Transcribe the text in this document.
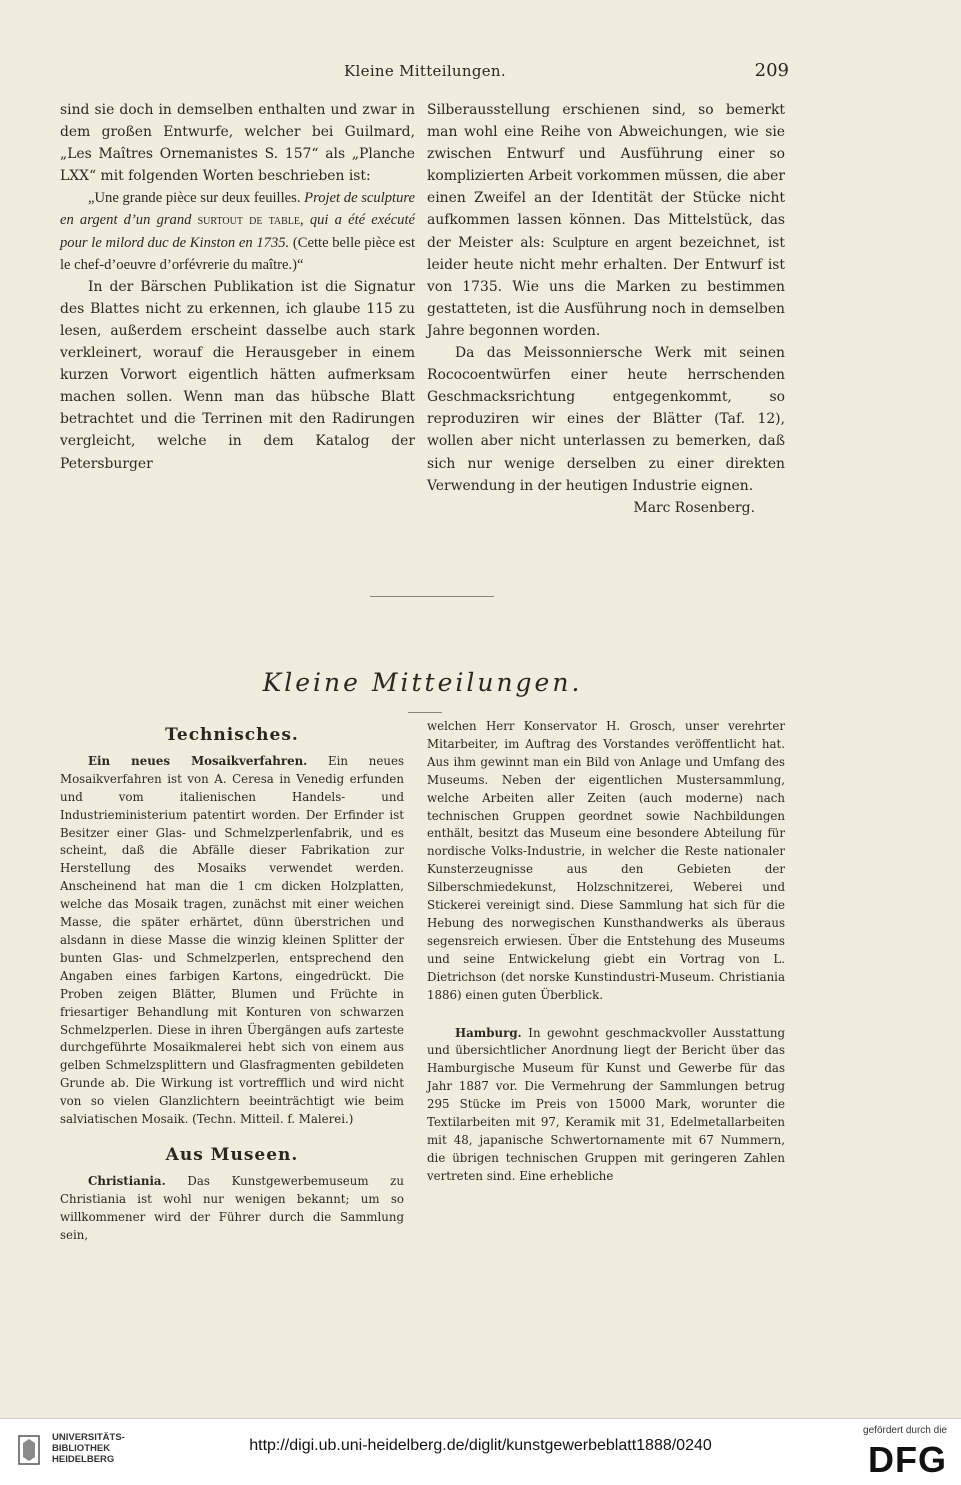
Kleine Mitteilungen.	209

sind sie doch in demselben enthalten und zwar in dem großen Entwurfe, welcher bei Guilmard, „Les Maîtres Ornemanistes S. 157“ als „Planche LXX“ mit folgenden Worten beschrieben ist:

„Une grande pièce sur deux feuilles. Projet de sculpture en argent d’un grand surtout de table, qui a été exécuté pour le milord duc de Kinston en 1735. (Cette belle pièce est le chef-d’oeuvre d’orfévrerie du maître.)“

In der Bärschen Publikation ist die Signatur des Blattes nicht zu erkennen, ich glaube 115 zu lesen, außerdem erscheint dasselbe auch stark verkleinert, worauf die Herausgeber in einem kurzen Vorwort eigentlich hätten aufmerksam machen sollen. Wenn man das hübsche Blatt betrachtet und die Terrinen mit den Radirungen vergleicht, welche in dem Katalog der Petersburger

Silberausstellung erschienen sind, so bemerkt man wohl eine Reihe von Abweichungen, wie sie zwischen Entwurf und Ausführung einer so komplizierten Arbeit vorkommen müssen, die aber einen Zweifel an der Identität der Stücke nicht aufkommen lassen können. Das Mittelstück, das der Meister als: Sculpture en argent bezeichnet, ist leider heute nicht mehr erhalten. Der Entwurf ist von 1735. Wie uns die Marken zu bestimmen gestatteten, ist die Ausführung noch in demselben Jahre begonnen worden.

Da das Meissonniersche Werk mit seinen Rococoentwürfen einer heute herrschenden Geschmacksrichtung entgegenkommt, so reproduziren wir eines der Blätter (Taf. 12), wollen aber nicht unterlassen zu bemerken, daß sich nur wenige derselben zu einer direkten Verwendung in der heutigen Industrie eignen.

Marc Rosenberg.

Kleine Mitteilungen.
Technisches.

Ein neues Mosaikverfahren. Ein neues Mosaikverfahren ist von A. Ceresa in Venedig erfunden und vom italienischen Handels- und Industrieministerium patentirt worden. Der Erfinder ist Besitzer einer Glas- und Schmelzperlenfabrik, und es scheint, daß die Abfälle dieser Fabrikation zur Herstellung des Mosaiks verwendet werden. Anscheinend hat man die 1 cm dicken Holzplatten, welche das Mosaik tragen, zunächst mit einer weichen Masse, die später erhärtet, dünn überstrichen und alsdann in diese Masse die winzig kleinen Splitter der bunten Glas- und Schmelzperlen, entsprechend den Angaben eines farbigen Kartons, eingedrückt. Die Proben zeigen Blätter, Blumen und Früchte in friesartiger Behandlung mit Konturen von schwarzen Schmelzperlen. Diese in ihren Übergängen aufs zarteste durchgeführte Mosaikmalerei hebt sich von einem aus gelben Schmelzsplittern und Glasfragmenten gebildeten Grunde ab. Die Wirkung ist vortrefflich und wird nicht von so vielen Glanzlichtern beeinträchtigt wie beim salviatischen Mosaik. (Techn. Mitteil. f. Malerei.)

Aus Museen.

Christiania. Das Kunstgewerbemuseum zu Christiania ist wohl nur wenigen bekannt; um so willkommener wird der Führer durch die Sammlung sein,

welchen Herr Konservator H. Grosch, unser verehrter Mitarbeiter, im Auftrag des Vorstandes veröffentlicht hat. Aus ihm gewinnt man ein Bild von Anlage und Umfang des Museums. Neben der eigentlichen Mustersammlung, welche Arbeiten aller Zeiten (auch moderne) nach technischen Gruppen geordnet sowie Nachbildungen enthält, besitzt das Museum eine besondere Abteilung für nordische Volks-Industrie, in welcher die Reste nationaler Kunsterzeugnisse aus den Gebieten der Silberschmiedekunst, Holzschnitzerei, Weberei und Stickerei vereinigt sind. Diese Sammlung hat sich für die Hebung des norwegischen Kunsthandwerks als überaus segensreich erwiesen. Über die Entstehung des Museums und seine Entwickelung giebt ein Vortrag von L. Dietrichson (det norske Kunstindustri-Museum. Christiania 1886) einen guten Überblick.

Hamburg. In gewohnt geschmackvoller Ausstattung und übersichtlicher Anordnung liegt der Bericht über das Hamburgische Museum für Kunst und Gewerbe für das Jahr 1887 vor. Die Vermehrung der Sammlungen betrug 295 Stücke im Preis von 15000 Mark, worunter die Textilarbeiten mit 97, Keramik mit 31, Edelmetallarbeiten mit 48, japanische Schwertornamente mit 67 Nummern, die übrigen technischen Gruppen mit geringeren Zahlen vertreten sind. Eine erhebliche

UNIVERSITÄTS-
BIBLIOTHEK
HEIDELBERG
http://digi.ub.uni-heidelberg.de/diglit/kunstgewerbeblatt1888/0240
gefördert durch die
DFG
